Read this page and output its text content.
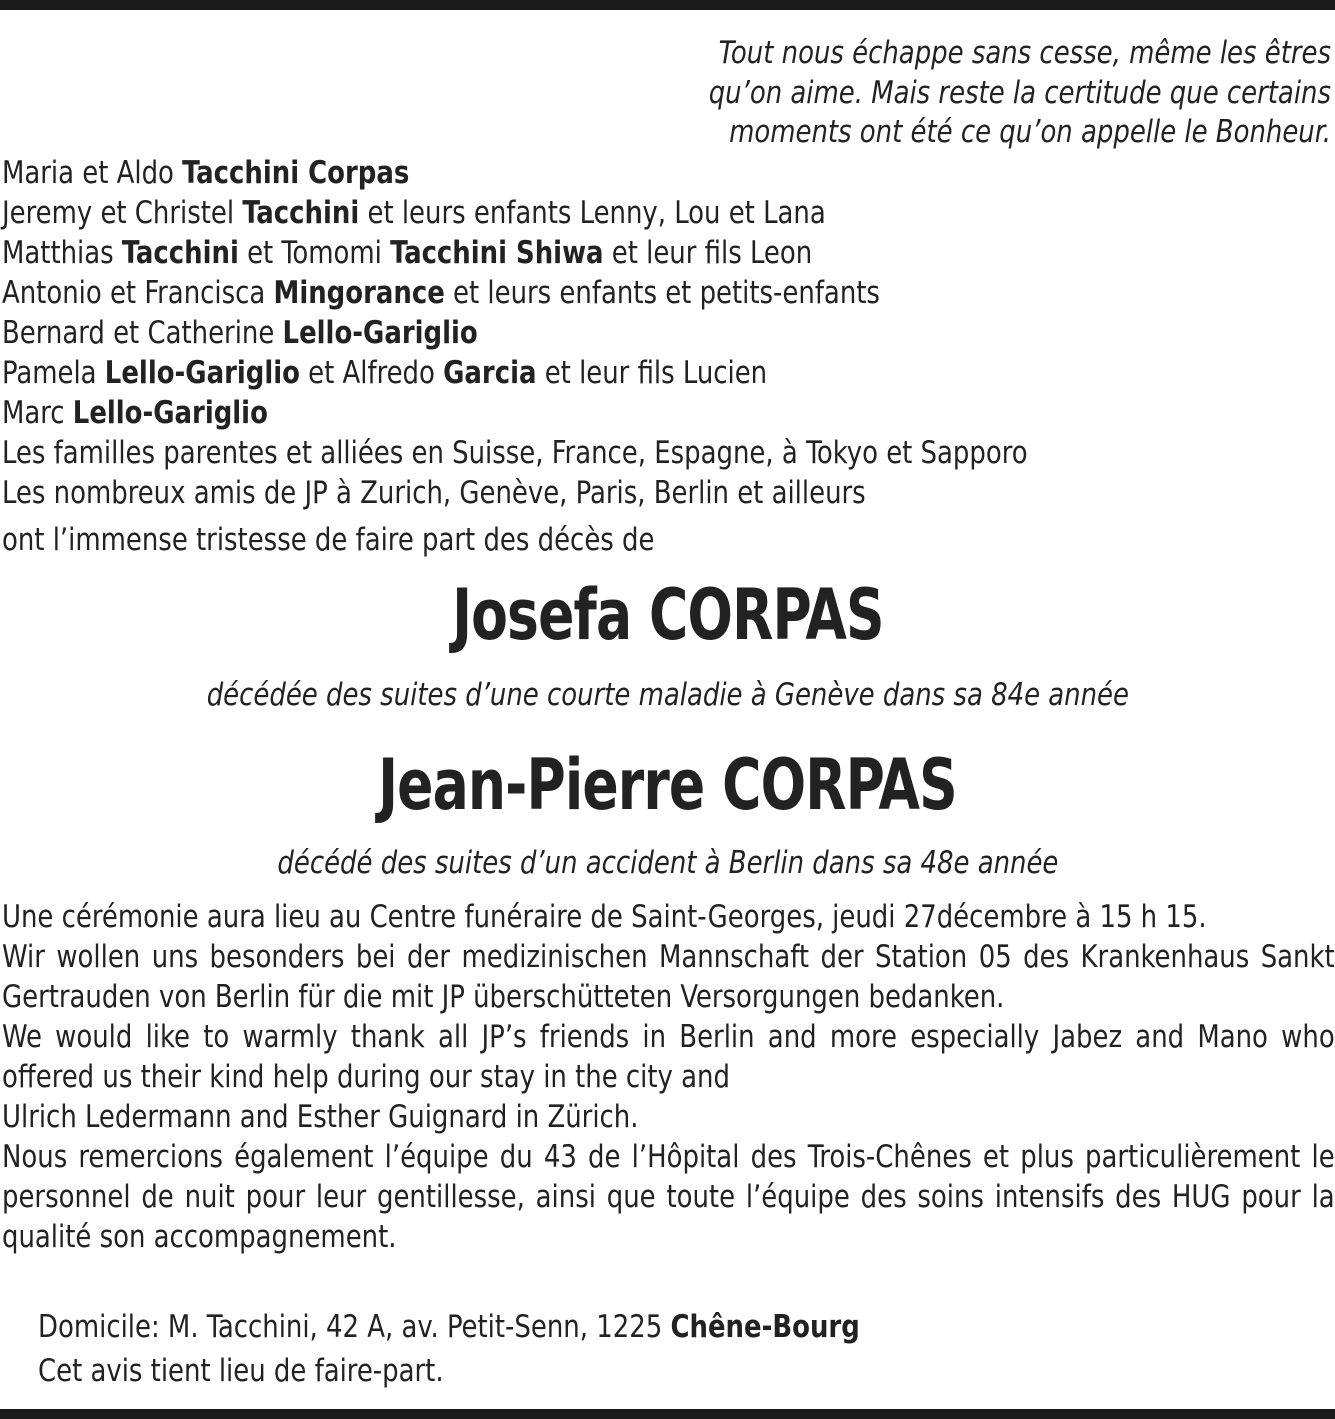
Tout nous échappe sans cesse, même les êtres
qu’on aime. Mais reste la certitude que certains
moments ont été ce qu’on appelle le Bonheur.
Maria et Aldo Tacchini Corpas
Jeremy et Christel Tacchini et leurs enfants Lenny, Lou et Lana
Matthias Tacchini et Tomomi Tacchini Shiwa et leur fils Leon
Antonio et Francisca Mingorance et leurs enfants et petits-enfants
Bernard et Catherine Lello-Gariglio
Pamela Lello-Gariglio et Alfredo Garcia et leur fils Lucien
Marc Lello-Gariglio
Les familles parentes et alliées en Suisse, France, Espagne, à Tokyo et Sapporo
Les nombreux amis de JP à Zurich, Genève, Paris, Berlin et ailleurs
ont l’immense tristesse de faire part des décès de
Josefa CORPAS
décédée des suites d’une courte maladie à Genève dans sa 84e année
Jean-Pierre CORPAS
décédé des suites d’un accident à Berlin dans sa 48e année
Une cérémonie aura lieu au Centre funéraire de Saint-Georges, jeudi 27décembre à 15 h 15.
Wir wollen uns besonders bei der medizinischen Mannschaft der Station 05 des Krankenhaus Sankt Gertrauden von Berlin für die mit JP überschütteten Versorgungen bedanken.
We would like to warmly thank all JP’s friends in Berlin and more especially Jabez and Mano who offered us their kind help during our stay in the city and
Ulrich Ledermann and Esther Guignard in Zürich.
Nous remercions également l’équipe du 43 de l’Hôpital des Trois-Chênes et plus particulièrement le personnel de nuit pour leur gentillesse, ainsi que toute l’équipe des soins intensifs des HUG pour la qualité son accompagnement.
Domicile: M. Tacchini, 42 A, av. Petit-Senn, 1225 Chêne-Bourg
Cet avis tient lieu de faire-part.
